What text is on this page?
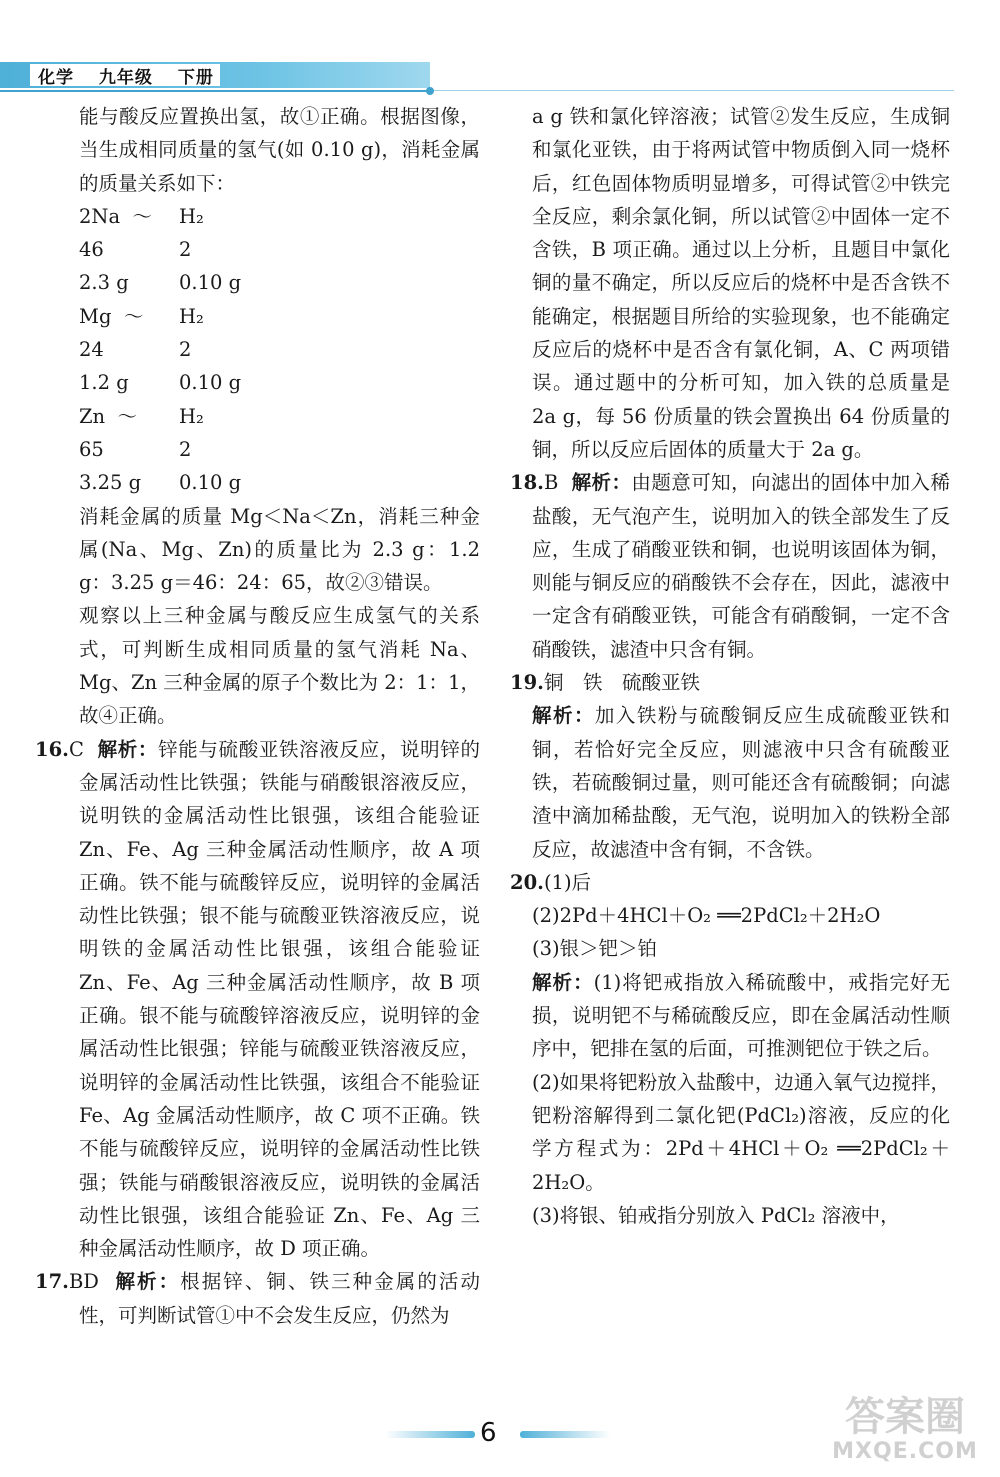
化学 九年级 下册

能与酸反应置换出氢，故①正确。根据图像，当生成相同质量的氢气(如 0.10 g)，消耗金属的质量关系如下：

2Na  ～ H₂

46	2

2.3 g	0.10 g

Mg  ～ H₂

24	2

1.2 g	0.10 g

Zn  ～ H₂

65	2

3.25 g 0.10 g

消耗金属的质量 Mg＜Na＜Zn，消耗三种金属(Na、Mg、Zn)的质量比为 2.3 g：1.2 g：3.25 g＝46：24：65，故②③错误。

观察以上三种金属与酸反应生成氢气的关系式，可判断生成相同质量的氢气消耗 Na、Mg、Zn 三种金属的原子个数比为 2：1：1，故④正确。

16.C 解析：锌能与硫酸亚铁溶液反应，说明锌的金属活动性比铁强；铁能与硝酸银溶液反应，说明铁的金属活动性比银强，该组合能验证 Zn、Fe、Ag 三种金属活动性顺序，故 A 项正确。铁不能与硫酸锌反应，说明锌的金属活动性比铁强；银不能与硫酸亚铁溶液反应，说明铁的金属活动性比银强，该组合能验证 Zn、Fe、Ag 三种金属活动性顺序，故 B 项正确。银不能与硫酸锌溶液反应，说明锌的金属活动性比银强；锌能与硫酸亚铁溶液反应，说明锌的金属活动性比铁强，该组合不能验证 Fe、Ag 金属活动性顺序，故 C 项不正确。铁不能与硫酸锌反应，说明锌的金属活动性比铁强；铁能与硝酸银溶液反应，说明铁的金属活动性比银强，该组合能验证 Zn、Fe、Ag 三种金属活动性顺序，故 D 项正确。

17.BD 解析：根据锌、铜、铁三种金属的活动性，可判断试管①中不会发生反应，仍然为

a g 铁和氯化锌溶液；试管②发生反应，生成铜和氯化亚铁，由于将两试管中物质倒入同一烧杯后，红色固体物质明显增多，可得试管②中铁完全反应，剩余氯化铜，所以试管②中固体一定不含铁，B 项正确。通过以上分析，且题目中氯化铜的量不确定，所以反应后的烧杯中是否含铁不能确定，根据题目所给的实验现象，也不能确定反应后的烧杯中是否含有氯化铜，A、C 两项错误。通过题中的分析可知，加入铁的总质量是 2a g，每 56 份质量的铁会置换出 64 份质量的铜，所以反应后固体的质量大于 2a g。

18.B 解析：由题意可知，向滤出的固体中加入稀盐酸，无气泡产生，说明加入的铁全部发生了反应，生成了硝酸亚铁和铜，也说明该固体为铜，则能与铜反应的硝酸铁不会存在，因此，滤液中一定含有硝酸亚铁，可能含有硝酸铜，一定不含硝酸铁，滤渣中只含有铜。

19.铜　铁　硫酸亚铁

解析：加入铁粉与硫酸铜反应生成硫酸亚铁和铜，若恰好完全反应，则滤液中只含有硫酸亚铁，若硫酸铜过量，则可能还含有硫酸铜；向滤渣中滴加稀盐酸，无气泡，说明加入的铁粉全部反应，故滤渣中含有铜，不含铁。

20.(1)后

(2)2Pd＋4HCl＋O₂ ══2PdCl₂＋2H₂O

(3)银＞钯＞铂

解析：(1)将钯戒指放入稀硫酸中，戒指完好无损，说明钯不与稀硫酸反应，即在金属活动性顺序中，钯排在氢的后面，可推测钯位于铁之后。

(2)如果将钯粉放入盐酸中，边通入氧气边搅拌，钯粉溶解得到二氯化钯(PdCl₂)溶液，反应的化学方程式为：2Pd＋4HCl＋O₂ ══2PdCl₂＋2H₂O。

(3)将银、铂戒指分别放入 PdCl₂ 溶液中，

6	答案圈
MXQE.COM
